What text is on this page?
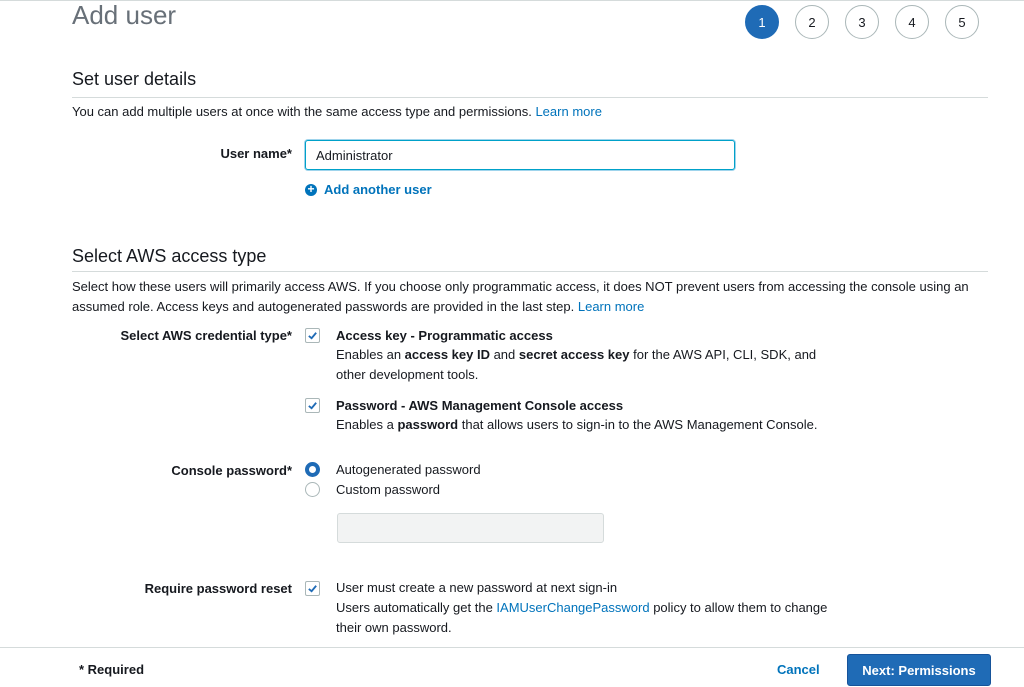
Add user	1	2	3	4	5
Set user details
You can add multiple users at once with the same access type and permissions. Learn more
User name*
Administrator
+ Add another user
Select AWS access type
Select how these users will primarily access AWS. If you choose only programmatic access, it does NOT prevent users from accessing the console using an assumed role. Access keys and autogenerated passwords are provided in the last step. Learn more
Select AWS credential type*	Access key - Programmatic access
Enables an access key ID and secret access key for the AWS API, CLI, SDK, and other development tools.
Password - AWS Management Console access
Enables a password that allows users to sign-in to the AWS Management Console.
Console password*	Autogenerated password
Custom password
Require password reset	User must create a new password at next sign-in
Users automatically get the IAMUserChangePassword policy to allow them to change their own password.
* Required	Cancel	Next: Permissions
